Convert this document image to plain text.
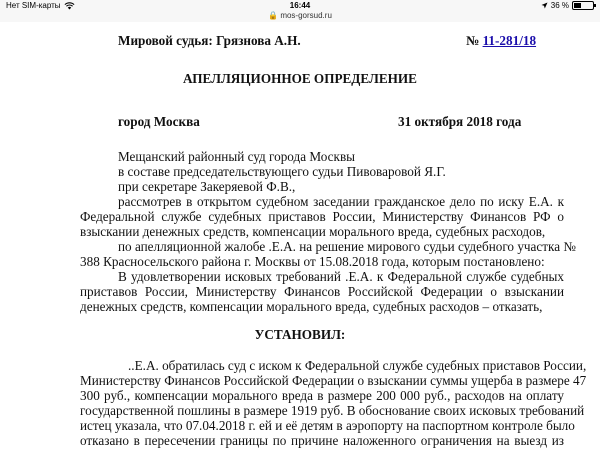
Нет SIM-карты	16:44	36 %
🔒 mos-gorsud.ru
Мировой судья: Грязнова А.Н.	№ 11-281/18
АПЕЛЛЯЦИОННОЕ ОПРЕДЕЛЕНИЕ
город Москва	31 октября 2018 года
Мещанский районный суд города Москвы
в составе председательствующего судьи Пивоваровой Я.Г.
при секретаре Закеряевой Ф.В.,
рассмотрев в открытом судебном заседании гражданское дело по иску Е.А. к
Федеральной службе судебных приставов России, Министерству Финансов РФ о
взыскании денежных средств, компенсации морального вреда, судебных расходов,
по апелляционной жалобе .Е.А. на решение мирового судьи судебного участка №
388 Красносельского района г. Москвы от 15.08.2018 года, которым постановлено:
В удовлетворении исковых требований .Е.А. к Федеральной службе судебных
приставов России, Министерству Финансов Российской Федерации о взыскании
денежных средств, компенсации морального вреда, судебных расходов – отказать,
УСТАНОВИЛ:
..Е.А. обратилась суд с иском к Федеральной службе судебных приставов России,
Министерству Финансов Российской Федерации о взыскании суммы ущерба в размере 47
300 руб., компенсации морального вреда в размере 200 000 руб., расходов на оплату
государственной пошлины в размере 1919 руб. В обоснование своих исковых требований
истец указала, что 07.04.2018 г. ей и её детям в аэропорту на паспортном контроле было
отказано в пересечении границы по причине наложенного ограничения на выезд из
